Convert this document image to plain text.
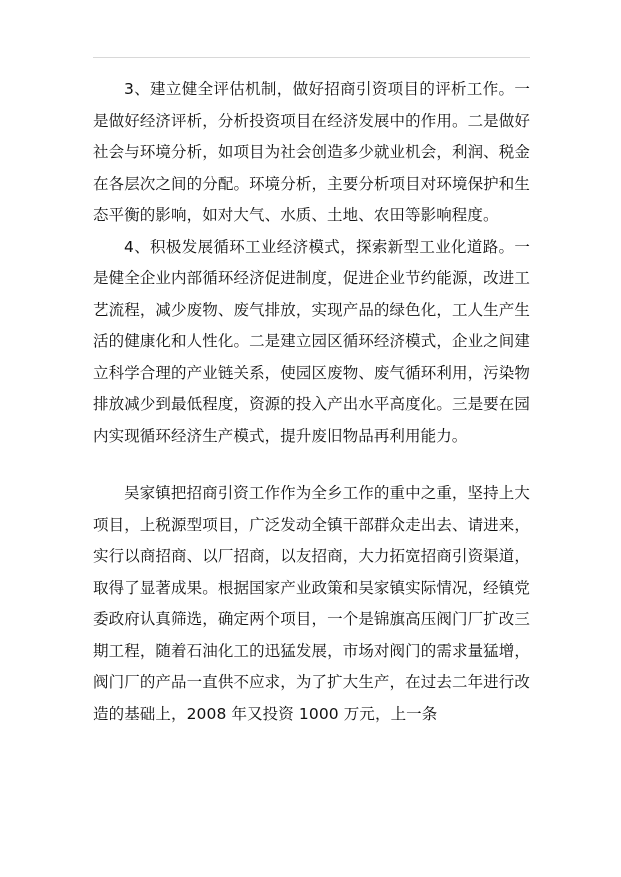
3、建立健全评估机制，做好招商引资项目的评析工作。一是做好经济评析，分析投资项目在经济发展中的作用。二是做好社会与环境分析，如项目为社会创造多少就业机会，利润、税金在各层次之间的分配。环境分析，主要分析项目对环境保护和生态平衡的影响，如对大气、水质、土地、农田等影响程度。

4、积极发展循环工业经济模式，探索新型工业化道路。一是健全企业内部循环经济促进制度，促进企业节约能源，改进工艺流程，减少废物、废气排放，实现产品的绿色化，工人生产生活的健康化和人性化。二是建立园区循环经济模式，企业之间建立科学合理的产业链关系，使园区废物、废气循环利用，污染物排放减少到最低程度，资源的投入产出水平高度化。三是要在园内实现循环经济生产模式，提升废旧物品再利用能力。

吴家镇把招商引资工作作为全乡工作的重中之重，坚持上大项目，上税源型项目，广泛发动全镇干部群众走出去、请进来，实行以商招商、以厂招商，以友招商，大力拓宽招商引资渠道，取得了显著成果。根据国家产业政策和吴家镇实际情况，经镇党委政府认真筛选，确定两个项目，一个是锦旗高压阀门厂扩改三期工程，随着石油化工的迅猛发展，市场对阀门的需求量猛增，阀门厂的产品一直供不应求，为了扩大生产，在过去二年进行改造的基础上，2008 年又投资 1000 万元，上一条
